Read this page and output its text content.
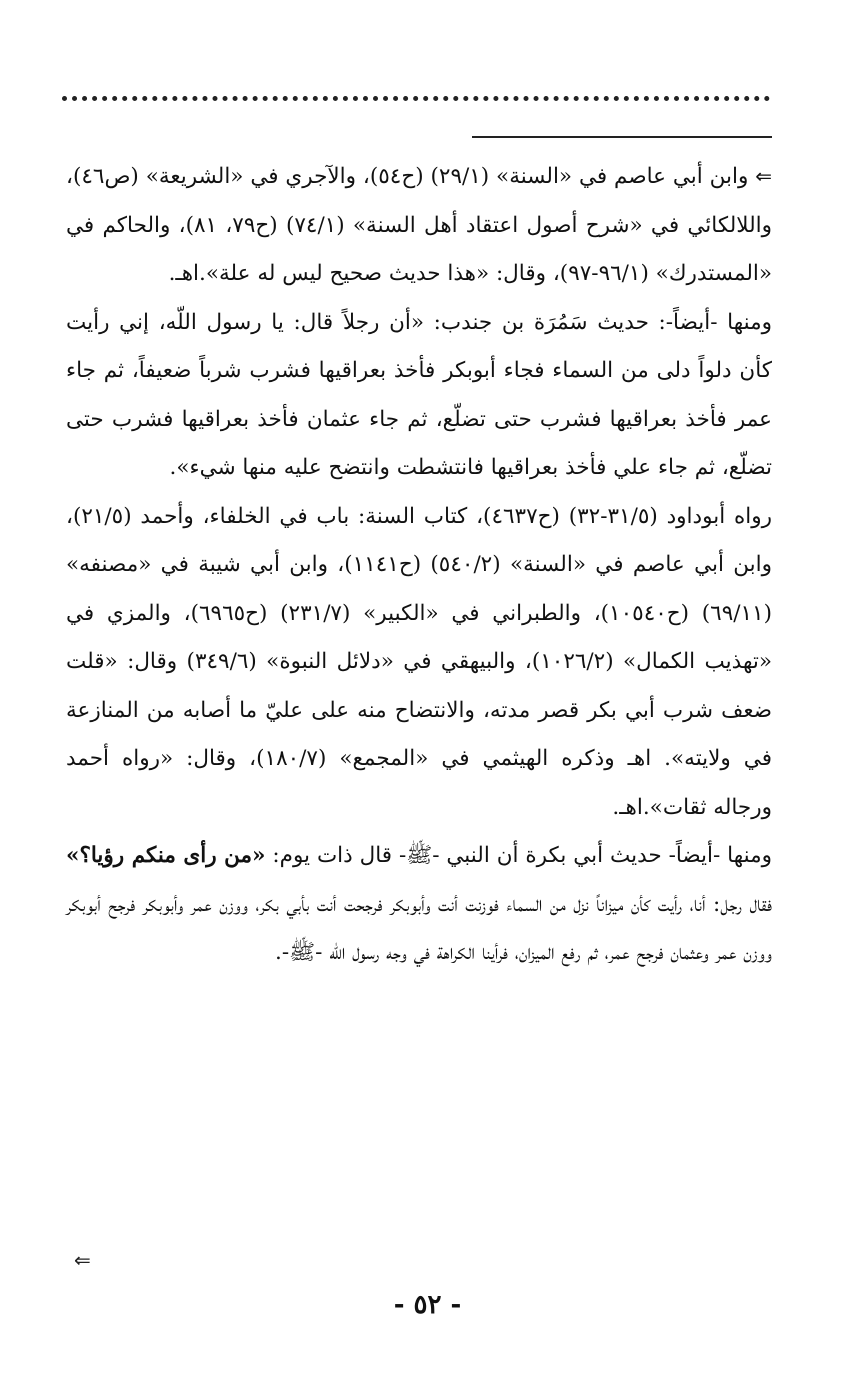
⇐ وابن أبي عاصم في «السنة» (٢٩/١) (ح٥٤)، والآجري في «الشريعة» (ص٤٦)، واللالكائي في «شرح أصول اعتقاد أهل السنة» (٧٤/١) (ح٧٩، ٨١)، والحاكم في «المستدرك» (٩٦/١-٩٧)، وقال: «هذا حديث صحيح ليس له علة».اهـ.

ومنها -أيضاً-: حديث سَمُرَة بن جندب: «أن رجلاً قال: يا رسول اللّه، إني رأيت كأن دلواً دلى من السماء فجاء أبوبكر فأخذ بعراقيها فشرب شرباً ضعيفاً، ثم جاء عمر فأخذ بعراقيها فشرب حتى تضلّع، ثم جاء عثمان فأخذ بعراقيها فشرب حتى تضلّع، ثم جاء علي فأخذ بعراقيها فانتشطت وانتضح عليه منها شيء».

رواه أبوداود (٣١/٥-٣٢) (ح٤٦٣٧)، كتاب السنة: باب في الخلفاء، وأحمد (٢١/٥)، وابن أبي عاصم في «السنة» (٥٤٠/٢) (ح١١٤١)، وابن أبي شيبة في «مصنفه» (٦٩/١١) (ح١٠٥٤٠)، والطبراني في «الكبير» (٢٣١/٧) (ح٦٩٦٥)، والمزي في «تهذيب الكمال» (١٠٢٦/٢)، والبيهقي في «دلائل النبوة» (٣٤٩/٦) وقال: «قلت ضعف شرب أبي بكر قصر مدته، والانتضاح منه على عليّ ما أصابه من المنازعة في ولايته». اهـ وذكره الهيثمي في «المجمع» (١٨٠/٧)، وقال: «رواه أحمد ورجاله ثقات».اهـ.

ومنها -أيضاً- حديث أبي بكرة أن النبي -ﷺ- قال ذات يوم: «من رأى منكم رؤيا؟» فقال رجل: أنا، رأيت كأن ميزاناً نزل من السماء فوزنت أنت وأبوبكر فرجحت أنت بأبي بكر، ووزن عمر وأبوبكر فرجح أبوبكر ووزن عمر وعثمان فرجح عمر، ثم رفع الميزان، فرأينا الكراهة في وجه رسول اللّه -ﷺ-.

⇐
- ٥٢ -
